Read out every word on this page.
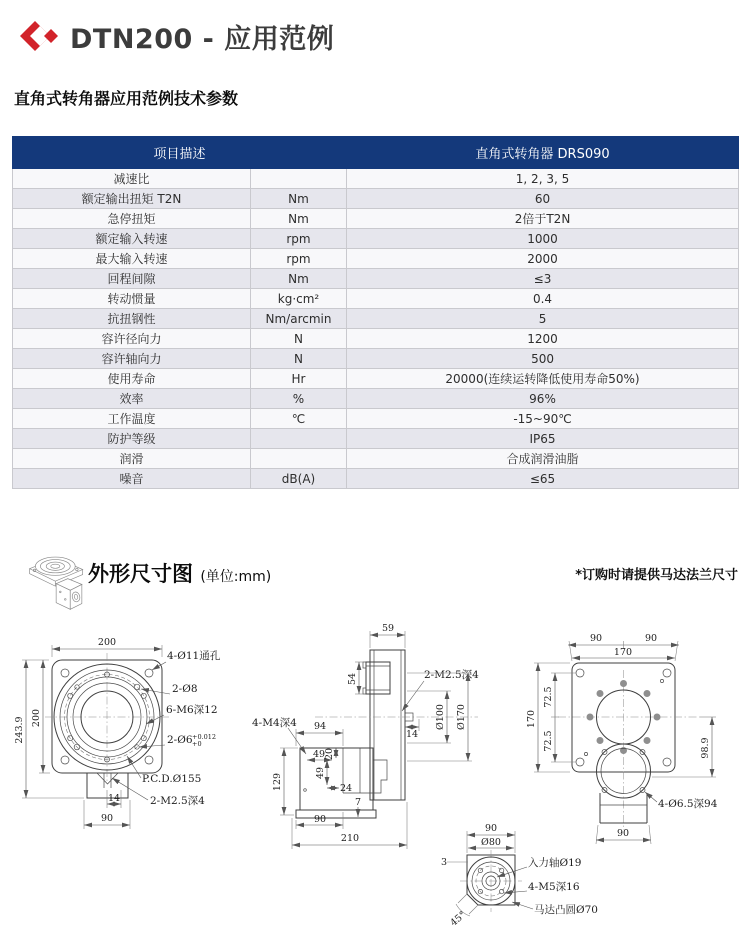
DTN200 - 应用范例
直角式转角器应用范例技术参数
项目描述		直角式转角器 DRS090
减速比		1, 2, 3, 5
额定输出扭矩 T2N	Nm	60
急停扭矩	Nm	2倍于T2N
额定输入转速	rpm	1000
最大输入转速	rpm	2000
回程间隙	Nm	≤3
转动惯量	kg·cm²	0.4
抗扭钢性	Nm/arcmin	5
容许径向力	N	1200
容许轴向力	N	500
使用寿命	Hr	20000(连续运转降低使用寿命50%)
效率	%	96%
工作温度	℃	-15~90℃
防护等级		IP65
润滑		合成润滑油脂
噪音	dB(A)	≤65
外形尺寸图 (单位:mm)	*订购时请提供马达法兰尺寸
200
243.9 200
90
14
4-Ø11通孔
2-Ø8
6-M6深12
2-Ø6 +0.012
+0
P.C.D.Ø155
2-M2.5深4
59
54	2-M2.5深4
14
Ø100 Ø170
94
4-M4深4
49
20
49
24
129
7
90
210
90	90
170
72.5
72.5
170
98.9
4-Ø6.5深94
90
90
Ø80
3	入力轴Ø19
4-M5深16
马达凸圆Ø70
45°
